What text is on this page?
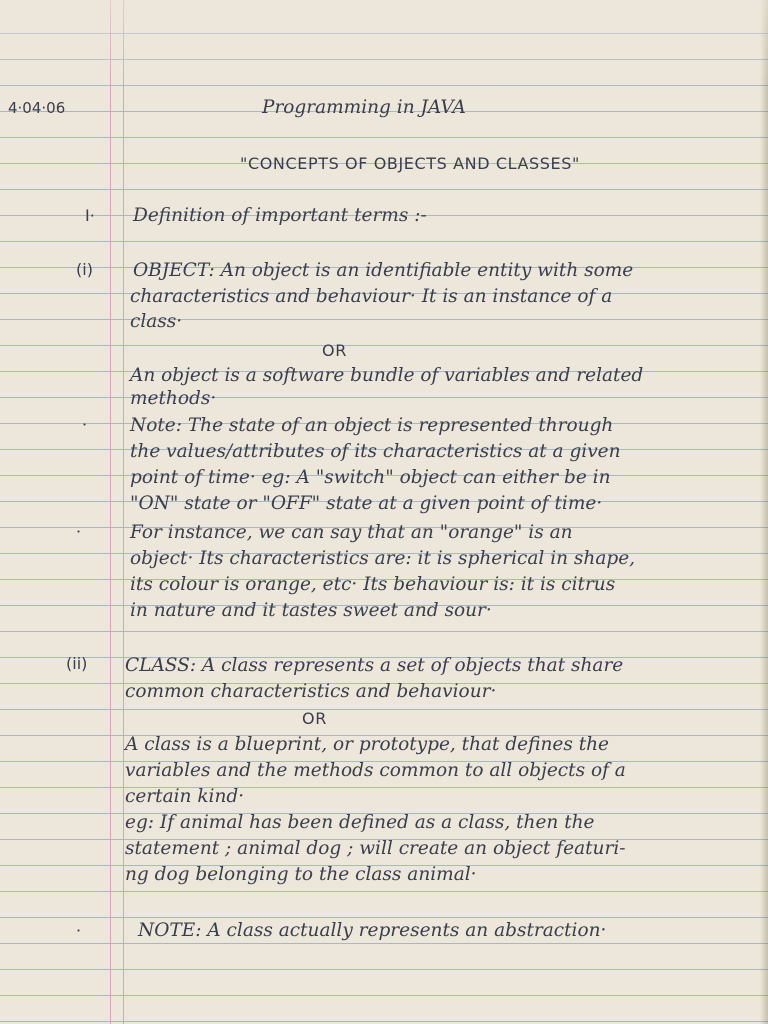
4·04·06	Programming in JAVA

"CONCEPTS OF OBJECTS AND CLASSES"

I· Definition of important terms :-

(i) OBJECT: An object is an identifiable entity with some

characteristics and behaviour· It is an instance of a

class·

OR

An object is a software bundle of variables and related

methods·

· Note: The state of an object is represented through

the values/attributes of its characteristics at a given

point of time· eg: A "switch" object can either be in

"ON" state or "OFF" state at a given point of time·

·	For instance, we can say that an "orange" is an

object· Its characteristics are: it is spherical in shape,

its colour is orange, etc· Its behaviour is: it is citrus

in nature and it tastes sweet and sour·

(ii) CLASS: A class represents a set of objects that share

common characteristics and behaviour·

OR

A class is a blueprint, or prototype, that defines the

variables and the methods common to all objects of a

certain kind·

eg: If animal has been defined as a class, then the

statement ; animal dog ; will create an object featuri-

ng dog belonging to the class animal·

·	NOTE: A class actually represents an abstraction·
